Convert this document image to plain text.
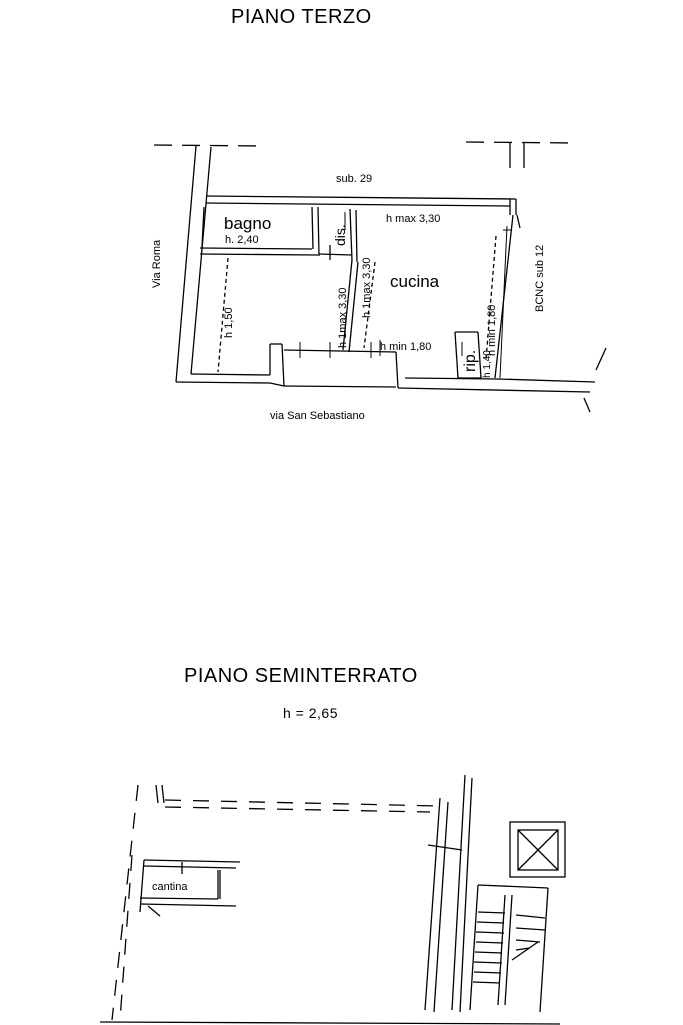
PIANO TERZO
PIANO SEMINTERRATO
h = 2,65
sub. 29
Via Roma	BCNC sub 12
via San Sebastiano
bagno
h. 2,40	dis.
cucina
h max 3,30
h 1,50	h 1max 3,30 h 1max 3,30
h min 1,80	h min 1,80
rip. h 1,40
cantina
